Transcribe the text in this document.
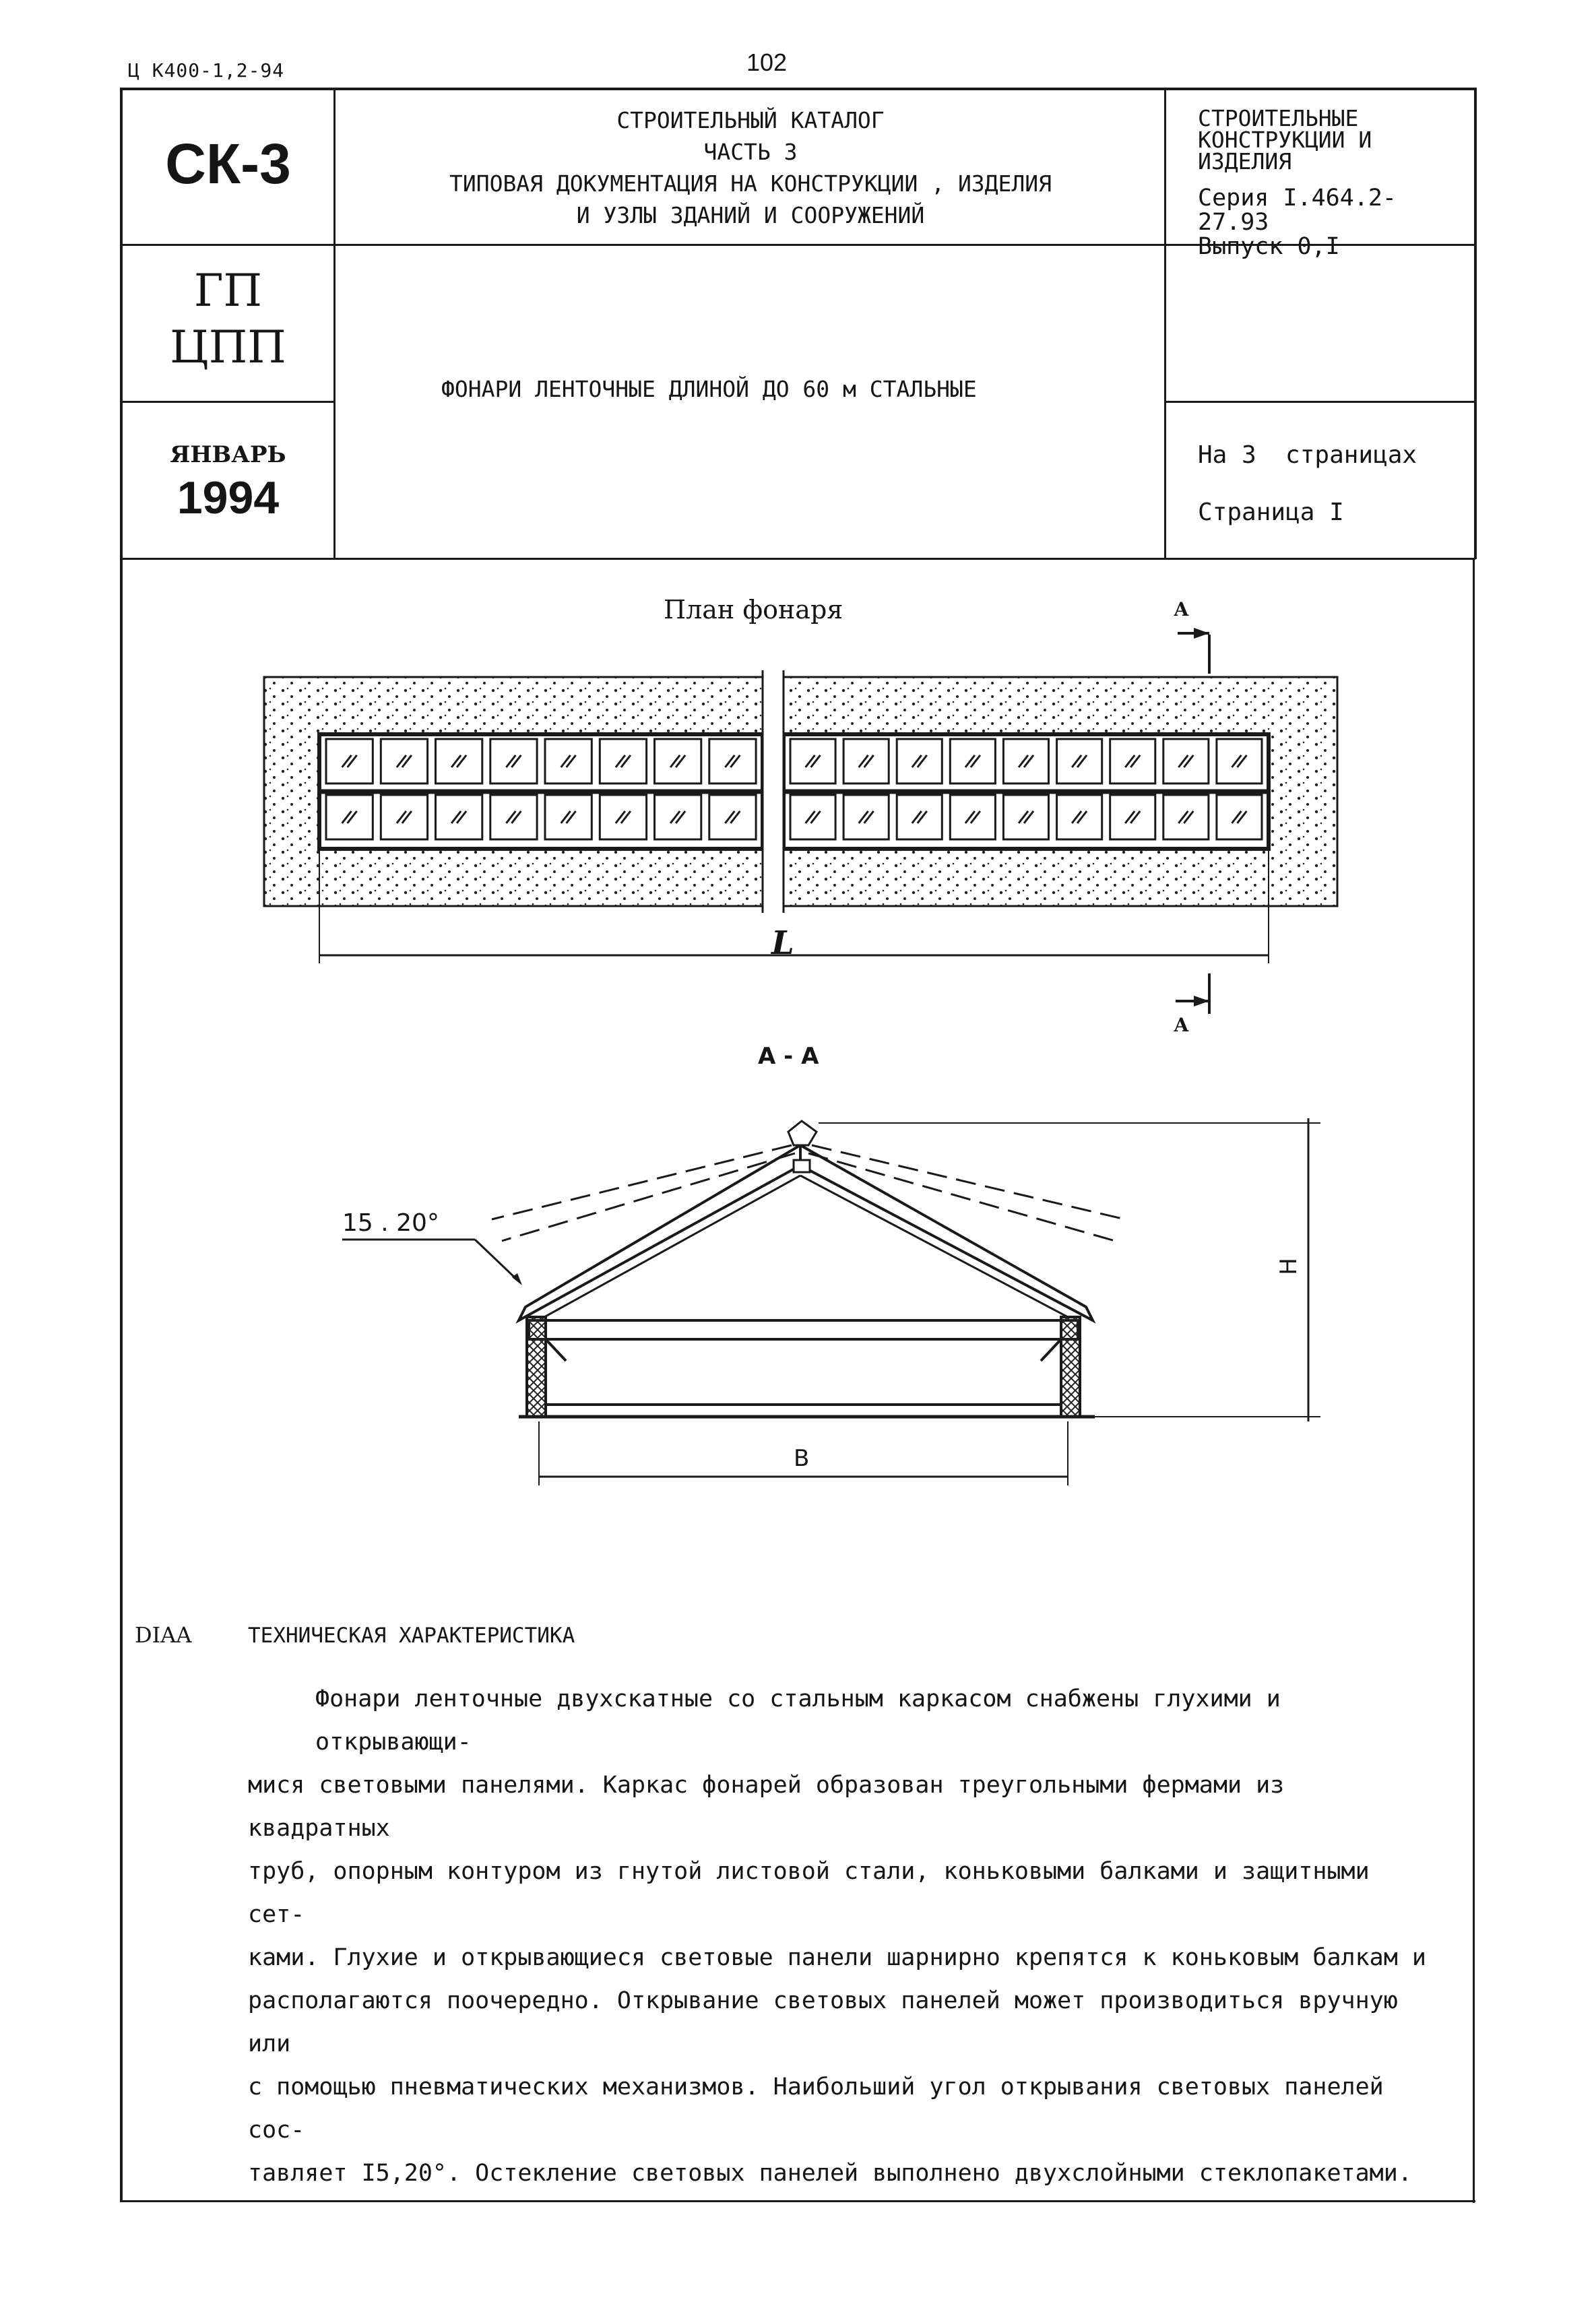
Ц К400-1,2-94	102
СК-3
СТРОИТЕЛЬНЫЙ КАТАЛОГ
ЧАСТЬ 3
ТИПОВАЯ ДОКУМЕНТАЦИЯ НА КОНСТРУКЦИИ , ИЗДЕЛИЯ
И УЗЛЫ ЗДАНИЙ И СООРУЖЕНИЙ
СТРОИТЕЛЬНЫЕ
КОНСТРУКЦИИ И
ИЗДЕЛИЯ
Серия I.464.2-27.93
Выпуск 0,I
ГП
ЦПП
ФОНАРИ ЛЕНТОЧНЫЕ ДЛИНОЙ ДО 60 м СТАЛЬНЫЕ
ЯНВАРЬ
1994
На 3  страницах
Страница I
План фонаря
L
А
А
А - А
15 . 20°
H
B
DIAA	ТЕХНИЧЕСКАЯ ХАРАКТЕРИСТИКА

Фонари ленточные двухскатные со стальным каркасом снабжены глухими и открывающи-

мися световыми панелями. Каркас фонарей образован треугольными фермами из квадратных

труб, опорным контуром из гнутой листовой стали, коньковыми балками и защитными сет-

ками. Глухие и открывающиеся световые панели шарнирно крепятся к коньковым балкам и

располагаются поочередно. Открывание световых панелей может производиться вручную или

с помощью пневматических механизмов. Наибольший угол открывания световых панелей сос-

тавляет I5,20°. Остекление световых панелей выполнено двухслойными стеклопакетами.
